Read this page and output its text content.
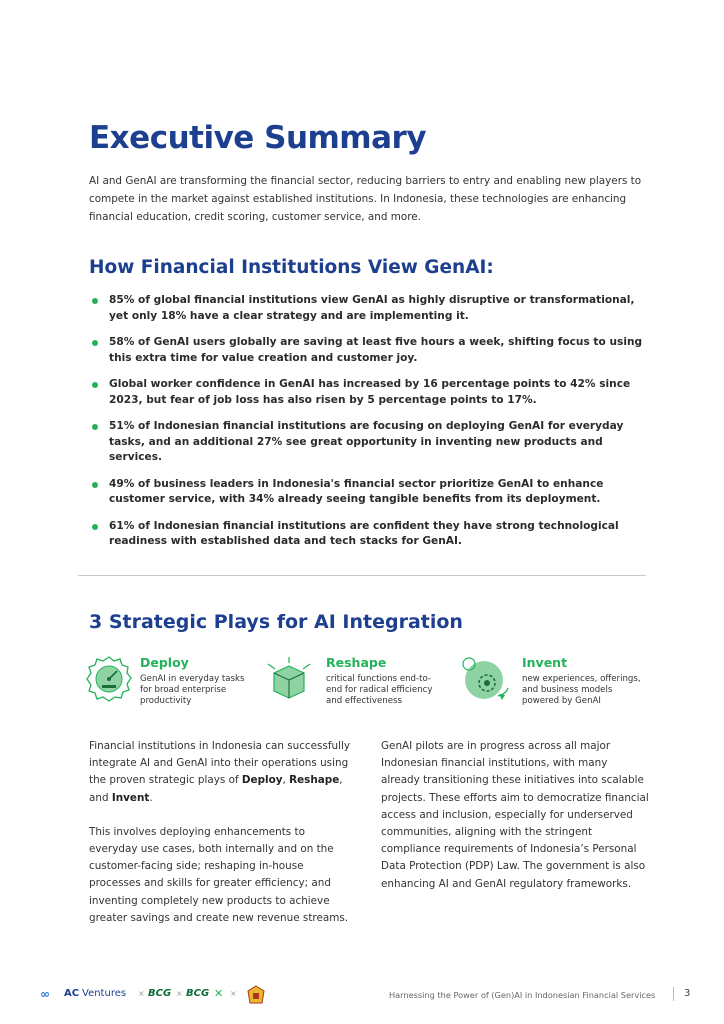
Executive Summary
AI and GenAI are transforming the financial sector, reducing barriers to entry and enabling new players to compete in the market against established institutions. In Indonesia, these technologies are enhancing financial education, credit scoring, customer service, and more.
How Financial Institutions View GenAI:
85% of global financial institutions view GenAI as highly disruptive or transformational, yet only 18% have a clear strategy and are implementing it.
58% of GenAI users globally are saving at least five hours a week, shifting focus to using this extra time for value creation and customer joy.
Global worker confidence in GenAI has increased by 16 percentage points to 42% since 2023, but fear of job loss has also risen by 5 percentage points to 17%.
51% of Indonesian financial institutions are focusing on deploying GenAI for everyday tasks, and an additional 27% see great opportunity in inventing new products and services.
49% of business leaders in Indonesia's financial sector prioritize GenAI to enhance customer service, with 34% already seeing tangible benefits from its deployment.
61% of Indonesian financial institutions are confident they have strong technological readiness with established data and tech stacks for GenAI.
3 Strategic Plays for AI Integration
Deploy
GenAI in everyday tasks for broad enterprise productivity
Reshape
critical functions end-to-end for radical efficiency and effectiveness
Invent
new experiences, offerings, and business models powered by GenAI

Financial institutions in Indonesia can successfully integrate AI and GenAI into their operations using the proven strategic plays of Deploy, Reshape, and Invent.

This involves deploying enhancements to everyday use cases, both internally and on the customer-facing side; reshaping in-house processes and skills for greater efficiency; and inventing completely new products to achieve greater savings and create new revenue streams.

GenAI pilots are in progress across all major Indonesian financial institutions, with many already transitioning these initiatives into scalable projects. These efforts aim to democratize financial access and inclusion, especially for underserved communities, aligning with the stringent compliance requirements of Indonesia’s Personal Data Protection (PDP) Law. The government is also enhancing AI and GenAI regulatory frameworks.

∞ AC Ventures × BCG × BCG ✕ ×	Harnessing the Power of (Gen)AI in Indonesian Financial Services	3
